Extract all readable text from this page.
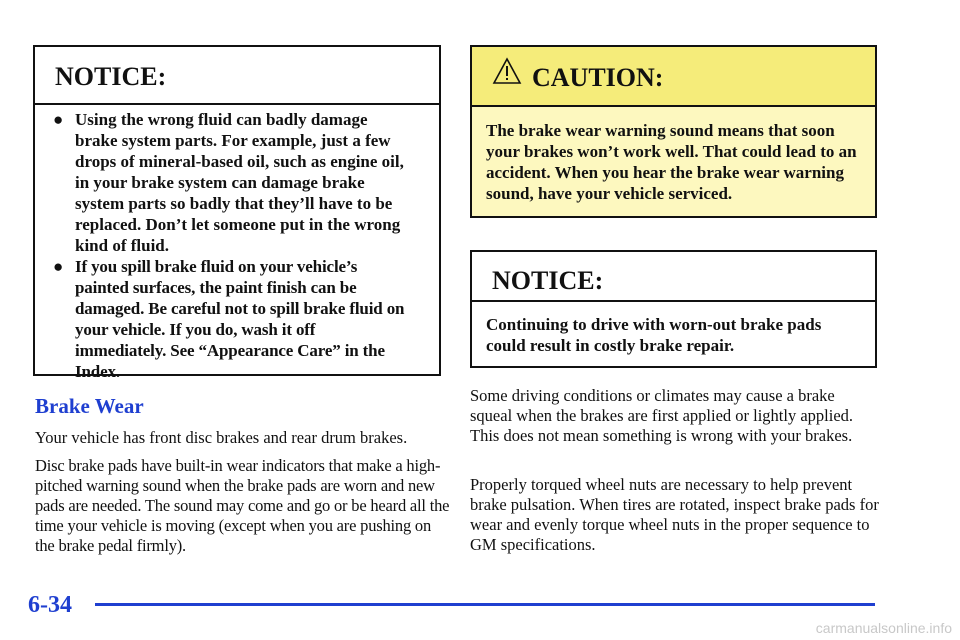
NOTICE:
● Using the wrong fluid can badly damage brake system parts. For example, just a few drops of mineral‐based oil, such as engine oil, in your brake system can damage brake system parts so badly that they’ll have to be replaced. Don’t let someone put in the wrong kind of fluid.
● If you spill brake fluid on your vehicle’s painted surfaces, the paint finish can be damaged. Be careful not to spill brake fluid on your vehicle. If you do, wash it off immediately. See “Appearance Care” in the Index.
CAUTION:
The brake wear warning sound means that soon your brakes won’t work well. That could lead to an accident. When you hear the brake wear warning sound, have your vehicle serviced.
NOTICE:
Continuing to drive with worn‐out brake pads could result in costly brake repair.
Brake Wear

Your vehicle has front disc brakes and rear drum brakes.

Disc brake pads have built‐in wear indicators that make a high‐pitched warning sound when the brake pads are worn and new pads are needed. The sound may come and go or be heard all the time your vehicle is moving (except when you are pushing on the brake pedal firmly).

Some driving conditions or climates may cause a brake squeal when the brakes are first applied or lightly applied. This does not mean something is wrong with your brakes.

Properly torqued wheel nuts are necessary to help prevent brake pulsation. When tires are rotated, inspect brake pads for wear and evenly torque wheel nuts in the proper sequence to GM specifications.

6-34
carmanualsonline.info
